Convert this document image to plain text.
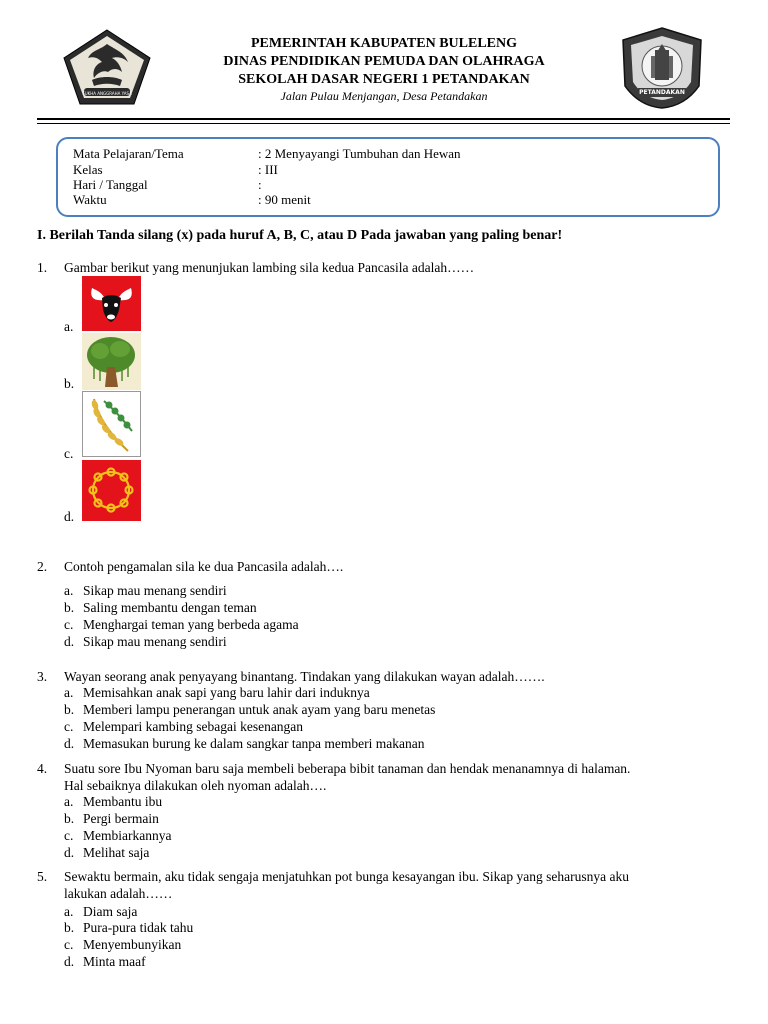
SUKHA ANGGRAHA YASA
PEMERINTAH KABUPATEN BULELENG
DINAS PENDIDIKAN PEMUDA DAN OLAHRAGA
SEKOLAH DASAR NEGERI 1 PETANDAKAN
Jalan Pulau Menjangan, Desa Petandakan	PETANDAKAN
Mata Pelajaran/Tema	: 2 Menyayangi Tumbuhan dan Hewan
Kelas	: III
Hari / Tanggal	:
Waktu	: 90 menit
I. Berilah Tanda silang (x) pada huruf A, B, C, atau D Pada jawaban yang paling benar!
1. Gambar berikut yang menunjukan lambing sila kedua Pancasila adalah……
a.
b.
c.
d.
2. Contoh pengamalan sila ke dua Pancasila adalah….
a. Sikap mau menang sendiri
b. Saling membantu dengan teman
c. Menghargai teman yang berbeda agama
d. Sikap mau menang sendiri
3. Wayan seorang anak penyayang binantang. Tindakan yang dilakukan wayan adalah…….
a. Memisahkan anak sapi yang baru lahir dari induknya
b. Memberi lampu penerangan untuk anak ayam yang baru menetas
c. Melempari kambing sebagai kesenangan
d. Memasukan burung ke dalam sangkar tanpa memberi makanan
4. Suatu sore Ibu Nyoman baru saja membeli beberapa bibit tanaman dan hendak menanamnya di halaman.
Hal sebaiknya dilakukan oleh nyoman adalah….
a. Membantu ibu
b. Pergi bermain
c. Membiarkannya
d. Melihat saja
5. Sewaktu bermain, aku tidak sengaja menjatuhkan pot bunga kesayangan ibu. Sikap yang seharusnya aku
lakukan adalah……
a. Diam saja
b. Pura-pura tidak tahu
c. Menyembunyikan
d. Minta maaf
